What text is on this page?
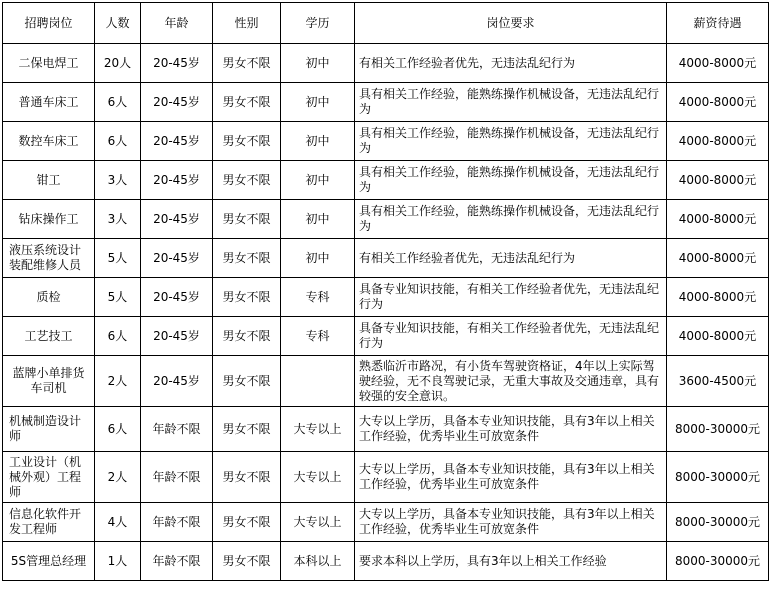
招聘岗位	人数	年龄	性别	学历	岗位要求	薪资待遇
二保电焊工	20人	20-45岁	男女不限	初中	有相关工作经验者优先，无违法乱纪行为	4000-8000元
普通车床工	6人	20-45岁	男女不限	初中	具有相关工作经验，能熟练操作机械设备，无违法乱纪行为	4000-8000元
数控车床工	6人	20-45岁	男女不限	初中	具有相关工作经验，能熟练操作机械设备，无违法乱纪行为	4000-8000元
钳工	3人	20-45岁	男女不限	初中	具有相关工作经验，能熟练操作机械设备，无违法乱纪行为	4000-8000元
钻床操作工	3人	20-45岁	男女不限	初中	具有相关工作经验，能熟练操作机械设备，无违法乱纪行为	4000-8000元
液压系统设计装配维修人员	5人	20-45岁	男女不限	初中	有相关工作经验者优先，无违法乱纪行为	4000-8000元
质检	5人	20-45岁	男女不限	专科	具备专业知识技能，有相关工作经验者优先，无违法乱纪行为	4000-8000元
工艺技工	6人	20-45岁	男女不限	专科	具备专业知识技能，有相关工作经验者优先，无违法乱纪行为	4000-8000元
蓝牌小单排货车司机	2人	20-45岁	男女不限		熟悉临沂市路况，有小货车驾驶资格证，4年以上实际驾驶经验，无不良驾驶记录，无重大事故及交通违章，具有较强的安全意识。	3600-4500元
机械制造设计师	6人	年龄不限	男女不限	大专以上	大专以上学历，具备本专业知识技能，具有3年以上相关工作经验，优秀毕业生可放宽条件	8000-30000元
工业设计（机械外观）工程师	2人	年龄不限	男女不限	大专以上	大专以上学历，具备本专业知识技能，具有3年以上相关工作经验，优秀毕业生可放宽条件	8000-30000元
信息化软件开发工程师	4人	年龄不限	男女不限	大专以上	大专以上学历，具备本专业知识技能，具有3年以上相关工作经验，优秀毕业生可放宽条件	8000-30000元
5S管理总经理	1人	年龄不限	男女不限	本科以上	要求本科以上学历，具有3年以上相关工作经验	8000-30000元
